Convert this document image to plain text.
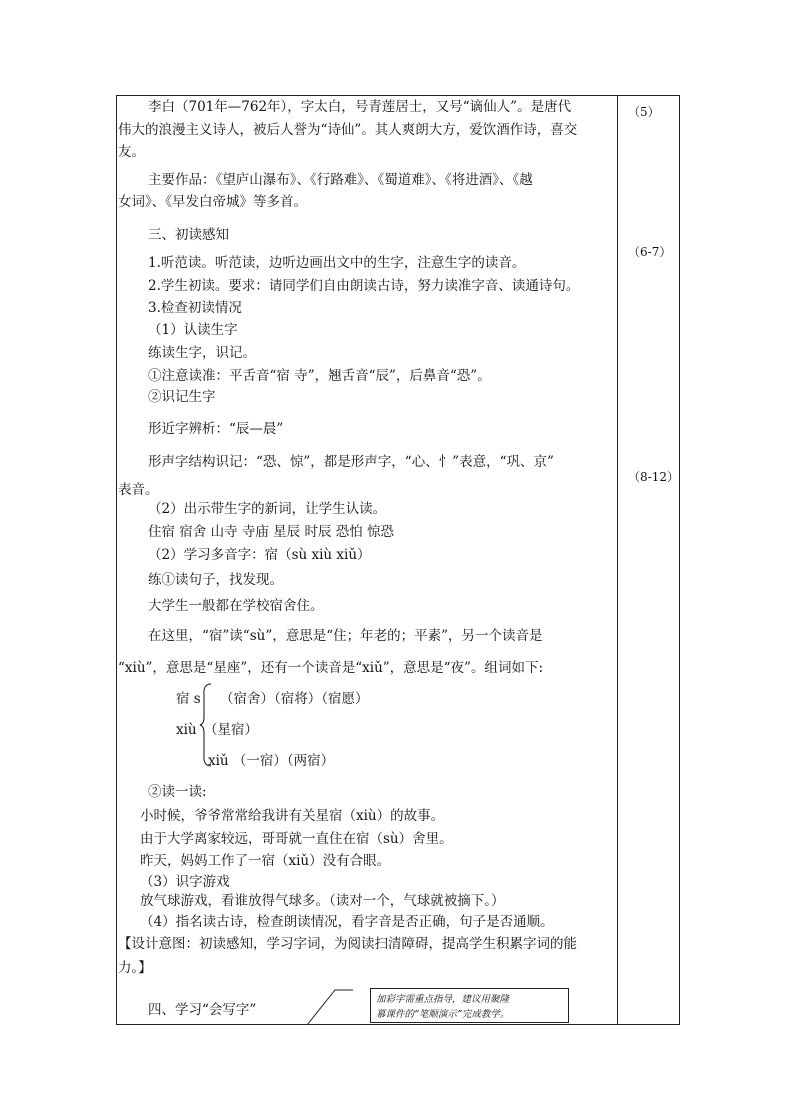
（5）
（6-7）
（8-12）
李白（701年—762年），字太白，号青莲居士，又号“谪仙人”。是唐代
伟大的浪漫主义诗人，被后人誉为“诗仙”。其人爽朗大方，爱饮酒作诗，喜交
友。
主要作品：《望庐山瀑布》、《行路难》、《蜀道难》、《将进酒》、《越
女词》、《早发白帝城》等多首。
三、初读感知
1.听范读。听范读，边听边画出文中的生字，注意生字的读音。
2.学生初读。要求：请同学们自由朗读古诗，努力读准字音、读通诗句。
3.检查初读情况
（1）认读生字
练读生字，识记。
①注意读准：平舌音“宿 寺”，翘舌音“辰”，后鼻音“恐”。
②识记生字
形近字辨析：“辰—晨”
形声字结构识记：“恐、惊”，都是形声字，“心、忄”表意，“巩、京”
表音。
（2）出示带生字的新词，让学生认读。
住宿 宿舍 山寺 寺庙 星辰 时辰 恐怕 惊恐
（2）学习多音字：宿（sù xiù xiǔ）
练①读句子，找发现。
大学生一般都在学校宿舍住。
在这里，“宿”读“sù”，意思是“住；年老的；平素”，另一个读音是
“xiù”，意思是“星座”，还有一个读音是“xiǔ”，意思是“夜”。组词如下:
宿 s （宿舍）（宿将）（宿愿）
xiù （星宿）
xiǔ （一宿）（两宿）
②读一读:
小时候，爷爷常常给我讲有关星宿（xiù）的故事。
由于大学离家较远，哥哥就一直住在宿（sù）舍里。
昨天，妈妈工作了一宿（xiǔ）没有合眼。
（3）识字游戏
放气球游戏，看谁放得气球多。（读对一个，气球就被摘下。）
（4）指名读古诗，检查朗读情况，看字音是否正确，句子是否通顺。
【设计意图：初读感知，学习字词，为阅读扫清障碍，提高学生积累字词的能
力。】
四、学习“会写字”
加彩字需重点指导，建议用聚隆
慕课件的“笔顺演示”完成教学。
